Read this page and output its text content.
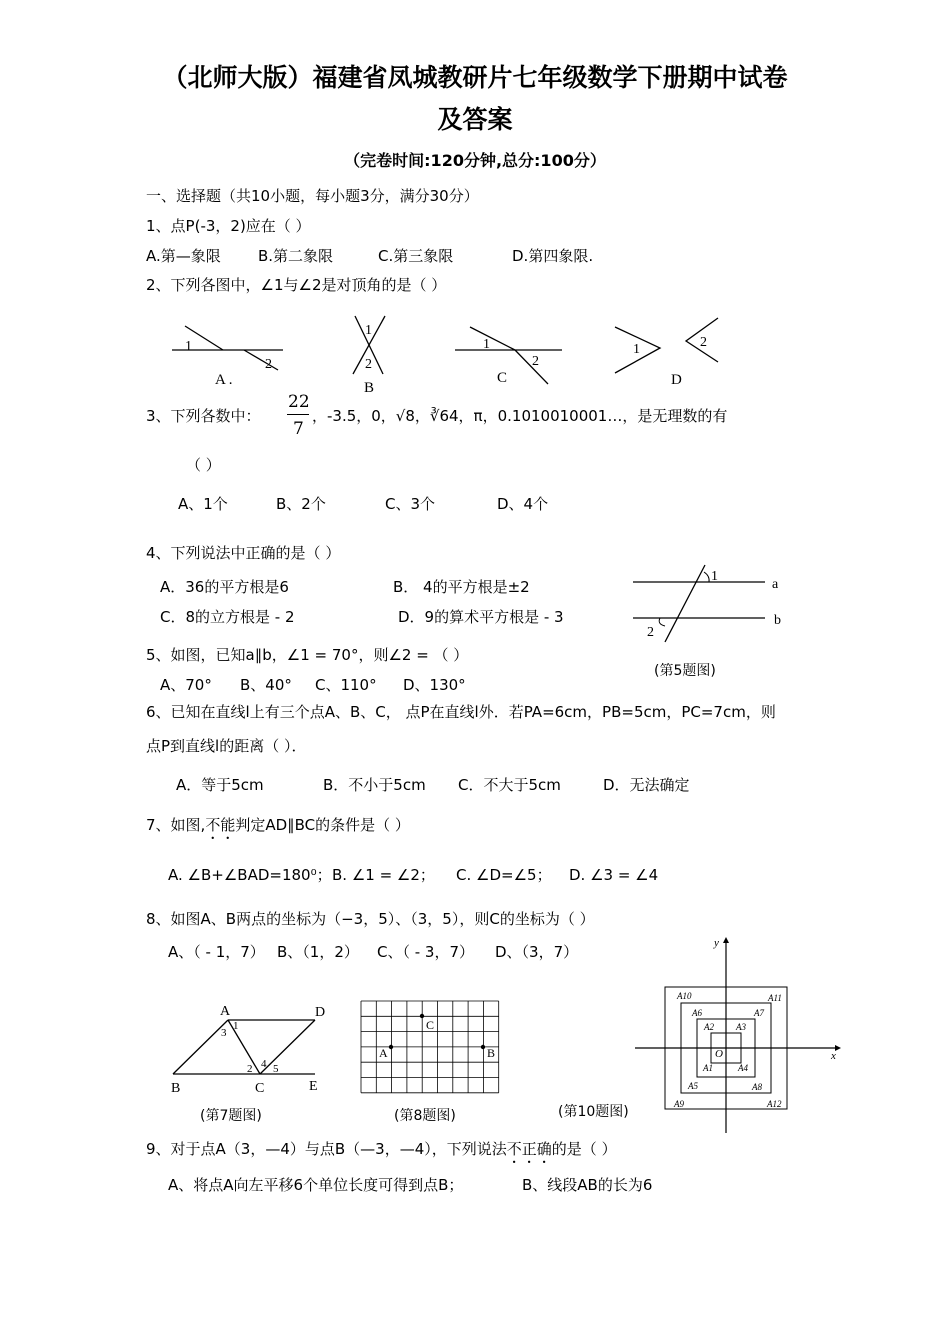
（北师大版）福建省凤城教研片七年级数学下册期中试卷
及答案
（完卷时间:120分钟,总分:100分）
一、选择题（共10小题，每小题3分，满分30分）
1、点P(-3，2)应在（ ）
A.第—象限 B.第二象限	C.第三象限	D.第四象限.
2、下列各图中，∠1与∠2是对顶角的是（ ）
1
2
A .
1
2
B
1
2
C
1	2
D
3、下列各数中：
22
7
，-3.5，0，√8，∛64，π，0.1010010001…，是无理数的有
（ ）
A、1个	B、2个	C、3个	D、4个
4、下列说法中正确的是（ ）
A．36的平方根是6	B． 4的平方根是±2
C．8的立方根是 - 2	D．9的算术平方根是 - 3
1
2
a
b
(第5题图)
5、如图，已知a∥b，∠1 = 70°，则∠2 = （ ）
A、70° B、40° C、110° D、130°
6、已知在直线l上有三个点A、B、C， 点P在直线l外．若PA=6cm，PB=5cm，PC=7cm，则
点P到直线l的距离（ ）．
A．等于5cm	B．不小于5cm C．不大于5cm	D．无法确定
7、如图,不能判定AD∥BC的条件是（ ）
A. ∠B+∠BAD=180⁰； B. ∠1 = ∠2； C. ∠D=∠5； D. ∠3 = ∠4
8、如图A、B两点的坐标为（−3，5）、（3，5），则C的坐标为（ ）
A、（ - 1，7） B、（1，2） C、（ - 3，7） D、（3，7）
A	D
B	C	E
1
2
3
4 5
(第7题图)
A	B
C
(第8题图)
x
y
O
A1
A2 A3
A4
A5
A6	A7
A8
A9
A10	A11
A12
(第10题图)
9、对于点A（3，—4）与点B（—3，—4），下列说法不正确的是（ ）
A、将点A向左平移6个单位长度可得到点B；	B、线段AB的长为6
